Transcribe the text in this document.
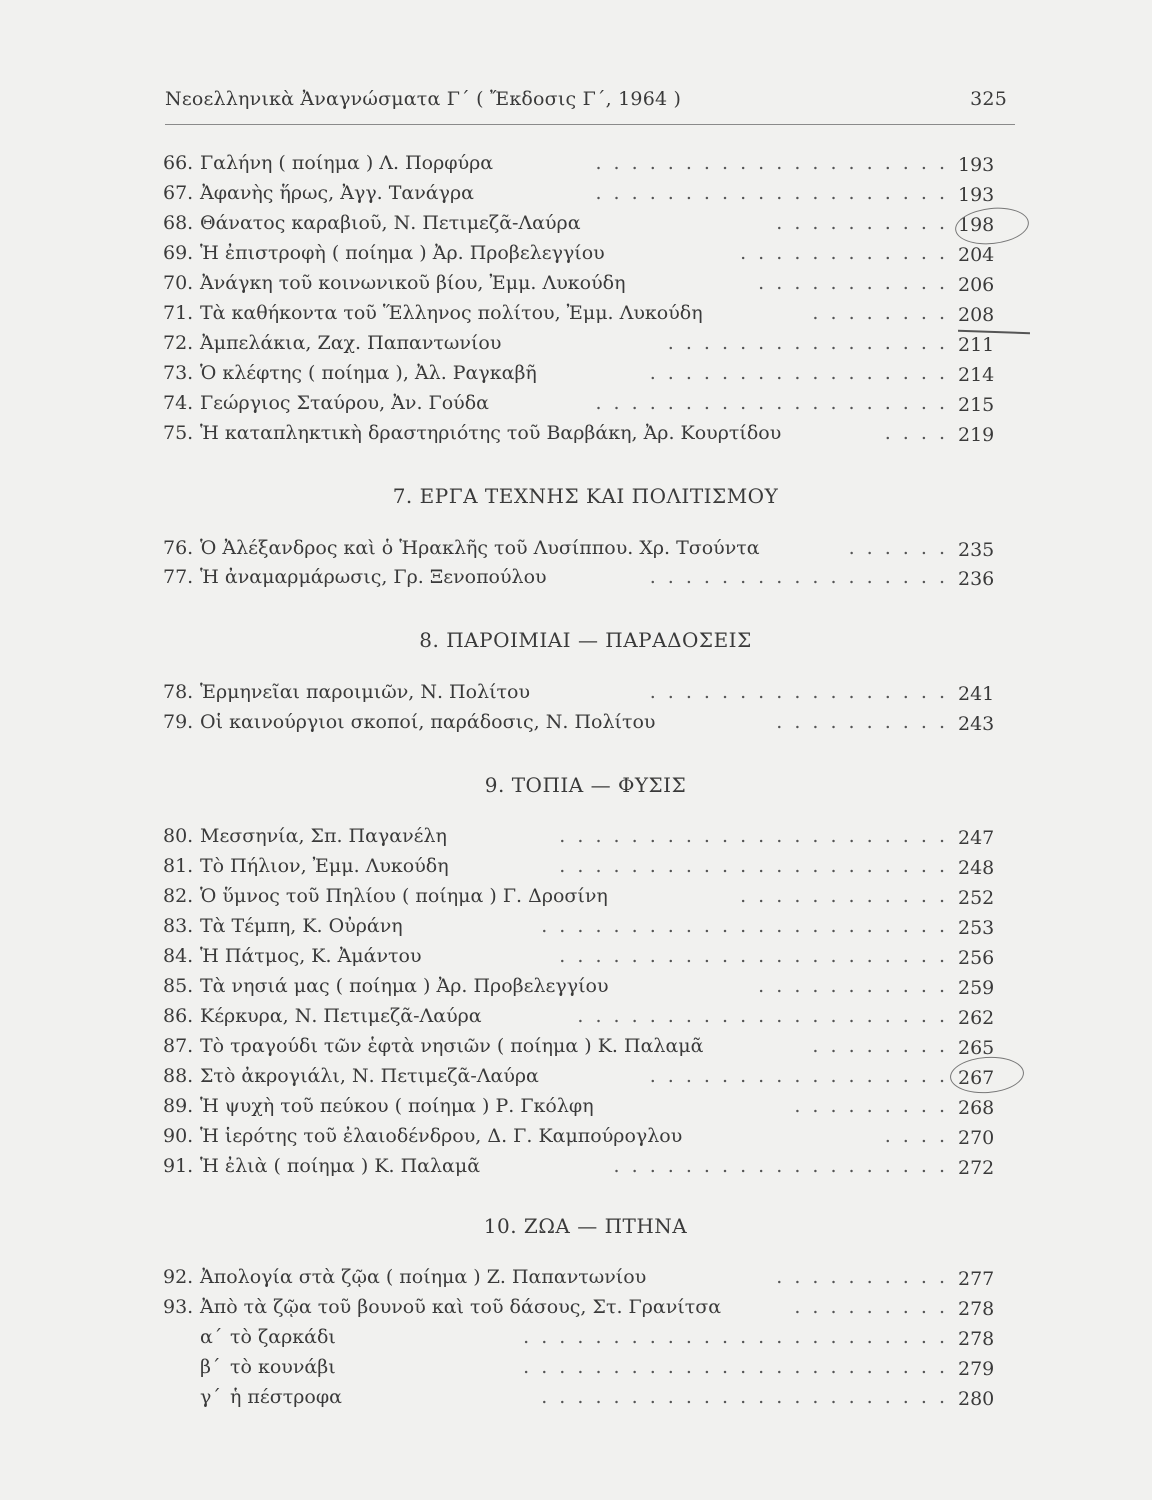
Νεοελληνικὰ Ἀναγνώσματα Γ´ ( Ἔκδοσις Γ´, 1964 )	325
66. Γαλήνη ( ποίημα ) Λ. Πορφύρα	. . . . . . . . . . . . . . . . . . . . 193
67. Ἀφανὴς ἥρως, Ἀγγ. Τανάγρα	. . . . . . . . . . . . . . . . . . . . 193
68. Θάνατος καραβιοῦ, Ν. Πετιμεζᾶ-Λαύρα	. . . . . . . . . . 198
69. Ἡ ἐπιστροφὴ ( ποίημα ) Ἀρ. Προβελεγγίου	. . . . . . . . . . . . 204
70. Ἀνάγκη τοῦ κοινωνικοῦ βίου, Ἐμμ. Λυκούδη	. . . . . . . . . . . 206
71. Τὰ καθήκοντα τοῦ Ἕλληνος πολίτου, Ἐμμ. Λυκούδη	. . . . . . . . 208
72. Ἀμπελάκια, Ζαχ. Παπαντωνίου	. . . . . . . . . . . . . . . . 211
73. Ὁ κλέφτης ( ποίημα ), Ἀλ. Ραγκαβῆ	. . . . . . . . . . . . . . . . . 214
74. Γεώργιος Σταύρου, Ἀν. Γούδα	. . . . . . . . . . . . . . . . . . . . 215
75. Ἡ καταπληκτικὴ δραστηριότης τοῦ Βαρβάκη, Ἀρ. Κουρτίδου	. . . . 219
7. ΕΡΓΑ ΤΕΧΝΗΣ ΚΑΙ ΠΟΛΙΤΙΣΜΟΥ
76. Ὁ Ἀλέξανδρος καὶ ὁ Ἡρακλῆς τοῦ Λυσίππου. Χρ. Τσούντα	. . . . . . 235
77. Ἡ ἀναμαρμάρωσις, Γρ. Ξενοπούλου	. . . . . . . . . . . . . . . . . 236
8. ΠΑΡΟΙΜΙΑΙ — ΠΑΡΑΔΟΣΕΙΣ
78. Ἑρμηνεῖαι παροιμιῶν, Ν. Πολίτου	. . . . . . . . . . . . . . . . . 241
79. Οἱ καινούργιοι σκοποί, παράδοσις, Ν. Πολίτου	. . . . . . . . . . 243
9. ΤΟΠΙΑ — ΦΥΣΙΣ
80. Μεσσηνία, Σπ. Παγανέλη	. . . . . . . . . . . . . . . . . . . . . . 247
81. Τὸ Πήλιον, Ἐμμ. Λυκούδη	. . . . . . . . . . . . . . . . . . . . . . 248
82. Ὁ ὕμνος τοῦ Πηλίου ( ποίημα ) Γ. Δροσίνη	. . . . . . . . . . . . 252
83. Τὰ Τέμπη, Κ. Οὐράνη	. . . . . . . . . . . . . . . . . . . . . . . 253
84. Ἡ Πάτμος, Κ. Ἀμάντου	. . . . . . . . . . . . . . . . . . . . . . 256
85. Τὰ νησιά μας ( ποίημα ) Ἀρ. Προβελεγγίου	. . . . . . . . . . . 259
86. Κέρκυρα, Ν. Πετιμεζᾶ-Λαύρα	. . . . . . . . . . . . . . . . . . . . . 262
87. Τὸ τραγούδι τῶν ἑφτὰ νησιῶν ( ποίημα ) Κ. Παλαμᾶ	. . . . . . . . 265
88. Στὸ ἀκρογιάλι, Ν. Πετιμεζᾶ-Λαύρα	. . . . . . . . . . . . . . . . . 267
89. Ἡ ψυχὴ τοῦ πεύκου ( ποίημα ) Ρ. Γκόλφη	. . . . . . . . . 268
90. Ἡ ἱερότης τοῦ ἐλαιοδένδρου, Δ. Γ. Καμπούρογλου	. . . . 270
91. Ἡ ἐλιὰ ( ποίημα ) Κ. Παλαμᾶ	. . . . . . . . . . . . . . . . . . . 272
10. ΖΩΑ — ΠΤΗΝΑ
92. Ἀπολογία στὰ ζῷα ( ποίημα ) Ζ. Παπαντωνίου	. . . . . . . . . . 277
93. Ἀπὸ τὰ ζῷα τοῦ βουνοῦ καὶ τοῦ δάσους, Στ. Γρανίτσα	. . . . . . . . . 278
α´ τὸ ζαρκάδι	. . . . . . . . . . . . . . . . . . . . . . . . 278
β´ τὸ κουνάβι	. . . . . . . . . . . . . . . . . . . . . . . . 279
γ´ ἡ πέστροφα	. . . . . . . . . . . . . . . . . . . . . . . 280
